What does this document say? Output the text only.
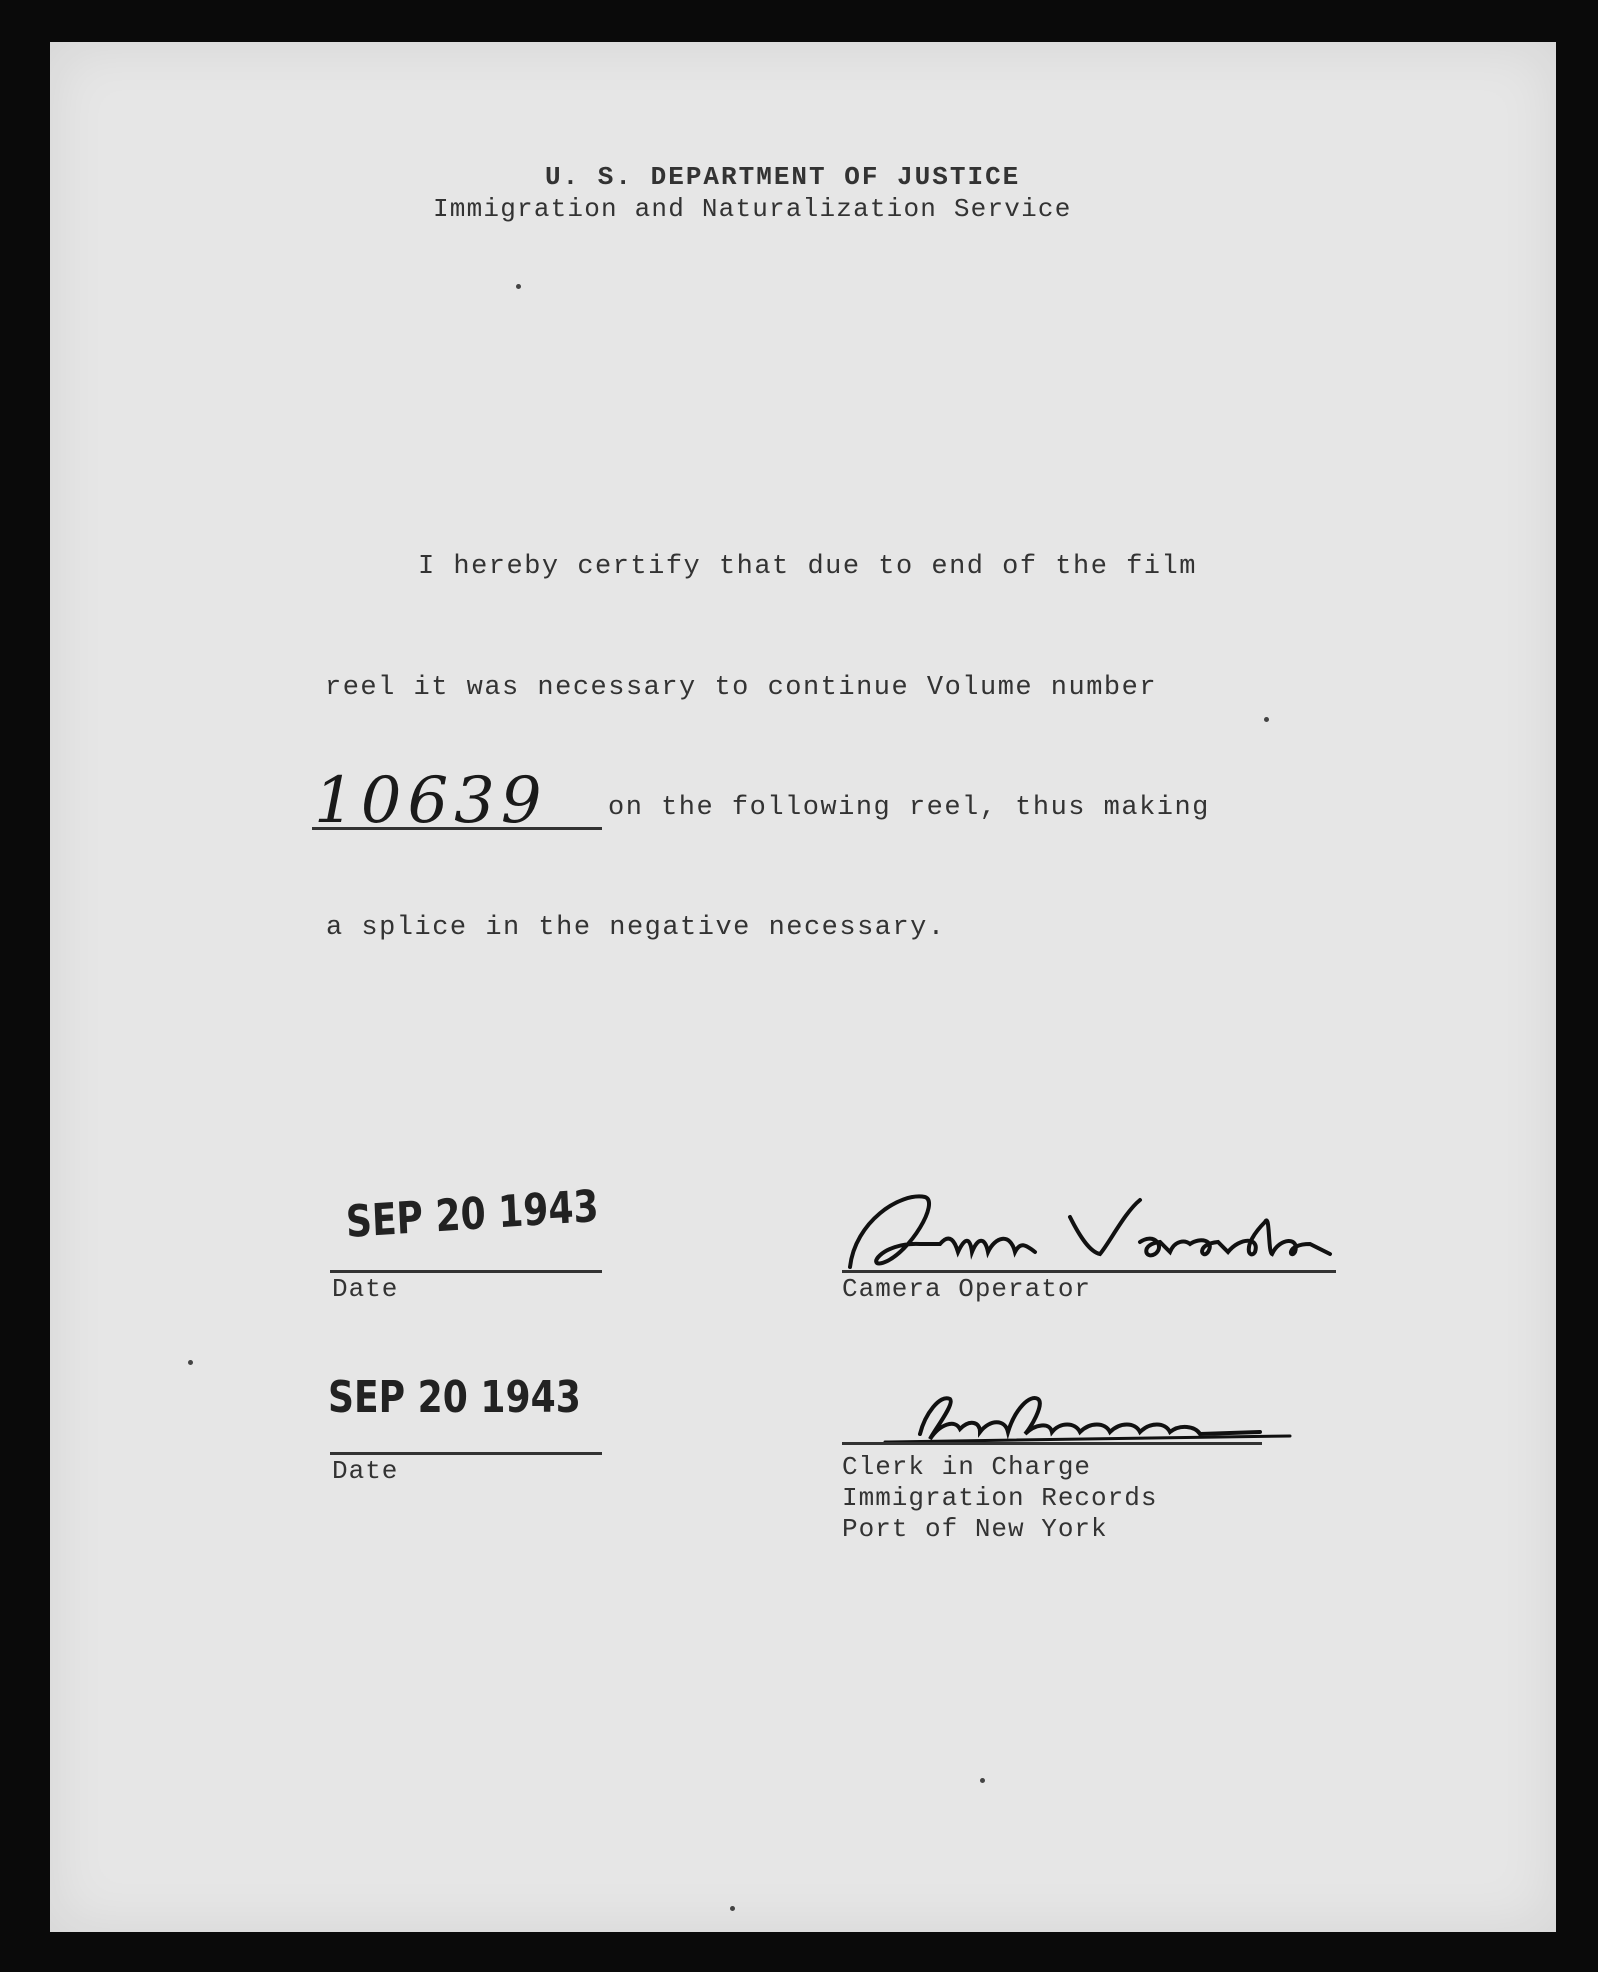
U. S. DEPARTMENT OF JUSTICE
Immigration and Naturalization Service
I hereby certify that due to end of the film
reel it was necessary to continue Volume number
10639 on the following reel, thus making
a splice in the negative necessary.
SEP 20 1943
Date
SEP 20 1943
Date
Camera Operator
Clerk in Charge
Immigration Records
Port of New York
